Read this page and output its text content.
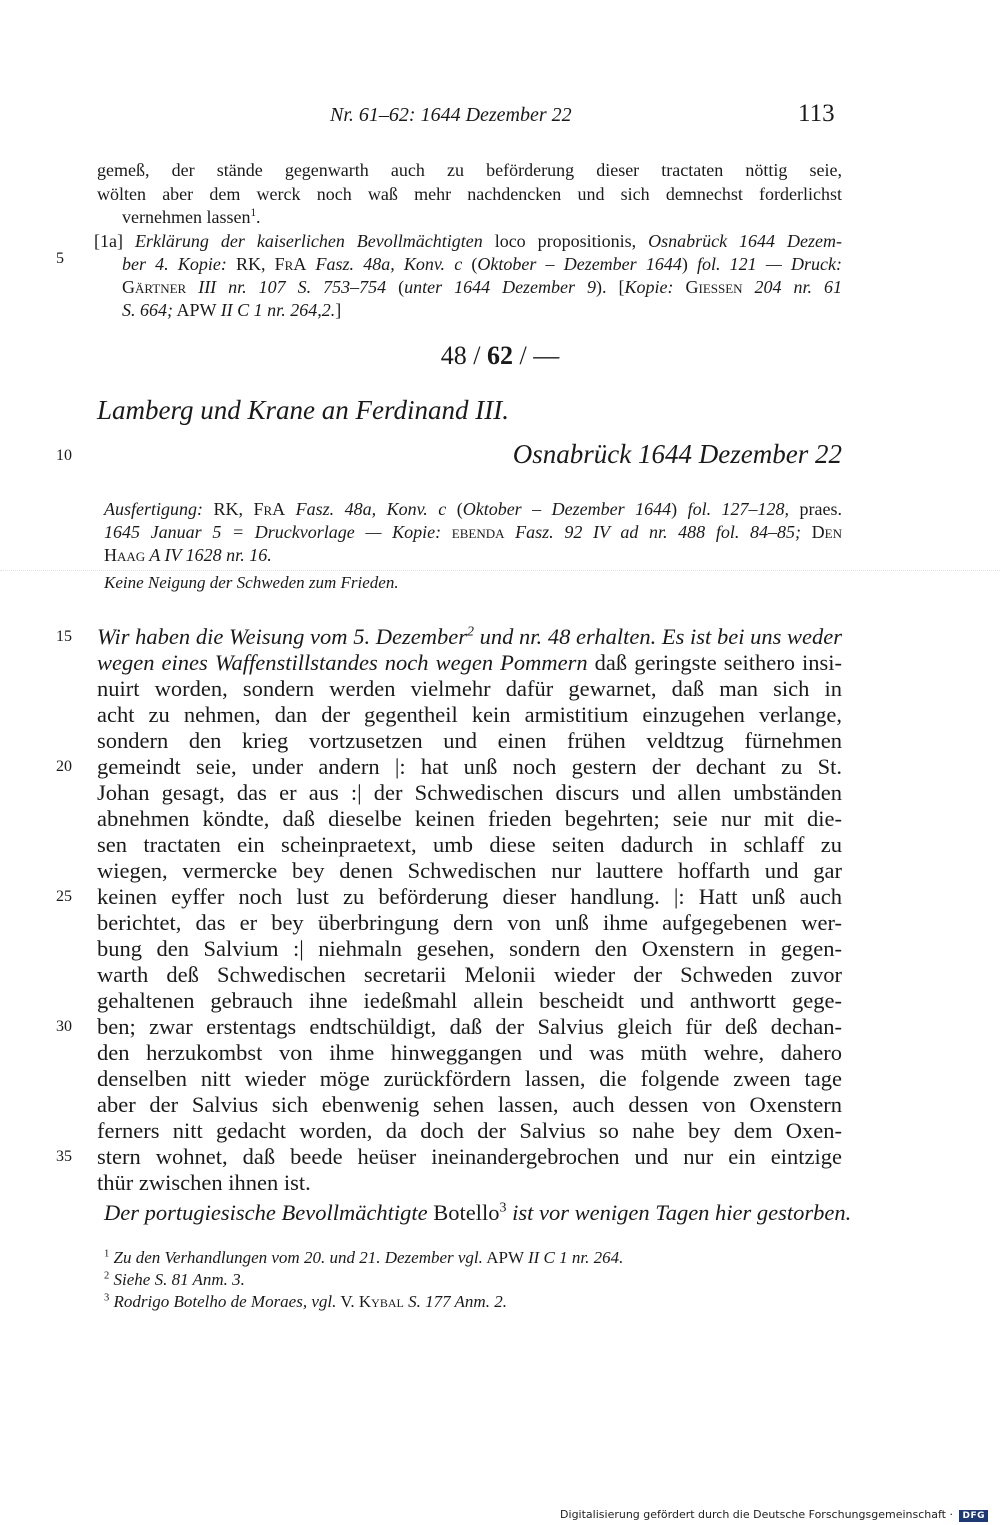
Nr. 61–62: 1644 Dezember 22	113
gemeß, der stände gegenwarth auch zu beförderung dieser tractaten nöttig seie,
wölten aber dem werck noch waß mehr nachdencken und sich demnechst forderlichst
vernehmen lassen$^1$.
[1a] Erklärung der kaiserlichen Bevollmächtigten loco propositionis, Osnabrück 1644 Dezem-
ber 4. Kopie: RK, FrA Fasz. 48a, Konv. c (Oktober – Dezember 1644) fol. 121 — Druck:
Gärtner III nr. 107 S. 753–754 (unter 1644 Dezember 9). [Kopie: Giessen 204 nr. 61
S. 664; APW II C 1 nr. 264,2.]
48 / 62 / —
Lamberg und Krane an Ferdinand III.
Osnabrück 1644 Dezember 22
Ausfertigung: RK, FrA Fasz. 48a, Konv. c (Oktober – Dezember 1644) fol. 127–128, praes.
1645 Januar 5 = Druckvorlage — Kopie: ebenda Fasz. 92 IV ad nr. 488 fol. 84–85; Den
Haag A IV 1628 nr. 16.
Keine Neigung der Schweden zum Frieden.
Wir haben die Weisung vom 5. Dezember$^2$ und nr. 48 erhalten. Es ist bei uns weder
wegen eines Waffenstillstandes noch wegen Pommern daß geringste seithero insi-
nuirt worden, sondern werden vielmehr dafür gewarnet, daß man sich in
acht zu nehmen, dan der gegentheil kein armistitium einzugehen verlange,
sondern den krieg vortzusetzen und einen frühen veldtzug fürnehmen
gemeindt seie, under andern |: hat unß noch gestern der dechant zu St.
Johan gesagt, das er aus :| der Schwedischen discurs und allen umbständen
abnehmen köndte, daß dieselbe keinen frieden begehrten; seie nur mit die-
sen tractaten ein scheinpraetext, umb diese seiten dadurch in schlaff zu
wiegen, vermercke bey denen Schwedischen nur lauttere hoffarth und gar
keinen eyffer noch lust zu beförderung dieser handlung. |: Hatt unß auch
berichtet, das er bey überbringung dern von unß ihme aufgegebenen wer-
bung den Salvium :| niehmaln gesehen, sondern den Oxenstern in gegen-
warth deß Schwedischen secretarii Melonii wieder der Schweden zuvor
gehaltenen gebrauch ihne iedeßmahl allein bescheidt und anthwortt gege-
ben; zwar erstentags endtschüldigt, daß der Salvius gleich für deß dechan-
den herzukombst von ihme hinweggangen und was müth wehre, dahero
denselben nitt wieder möge zurückfördern lassen, die folgende zween tage
aber der Salvius sich ebenwenig sehen lassen, auch dessen von Oxenstern
ferners nitt gedacht worden, da doch der Salvius so nahe bey dem Oxen-
stern wohnet, daß beede heüser ineinandergebrochen und nur ein eintzige
thür zwischen ihnen ist.
Der portugiesische Bevollmächtigte Botello$^3$ ist vor wenigen Tagen hier gestorben.
5
10
15
20
25
30
35
$^1$ Zu den Verhandlungen vom 20. und 21. Dezember vgl. APW II C 1 nr. 264.
$^2$ Siehe S. 81 Anm. 3.
$^3$ Rodrigo Botelho de Moraes, vgl. V. Kybal S. 177 Anm. 2.
Digitalisierung gefördert durch die Deutsche Forschungsgemeinschaft · DFG
